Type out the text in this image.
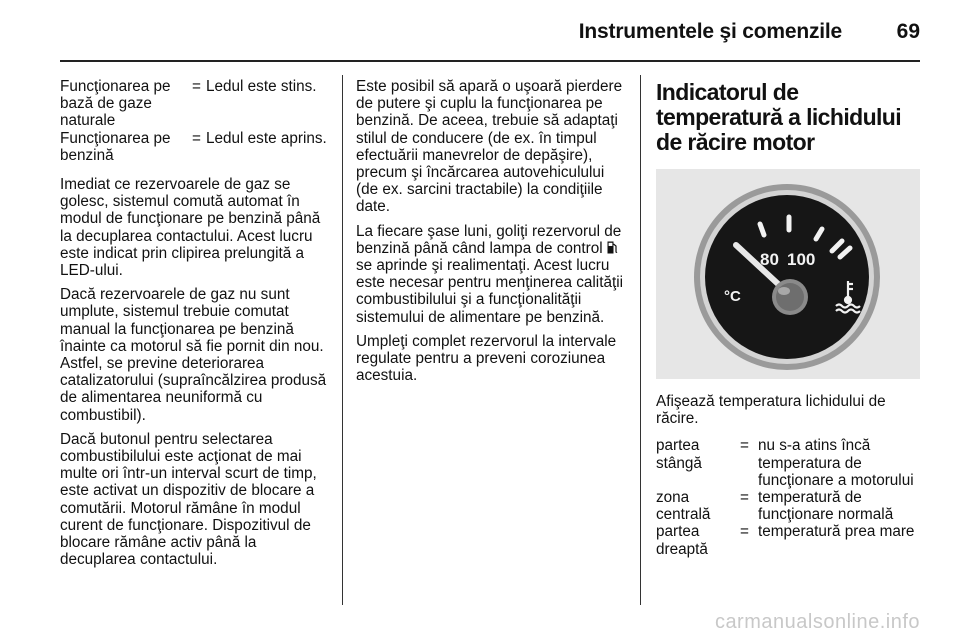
Instrumentele şi comenzile	69
Funcţionarea pe bază de gaze naturale
= Ledul este stins.
Funcţionarea pe benzină
= Ledul este aprins.

Imediat ce rezervoarele de gaz se golesc, sistemul comută automat în modul de funcţionare pe benzină până la decuplarea contactului. Acest lucru este indicat prin clipirea prelungită a LED-ului.

Dacă rezervoarele de gaz nu sunt umplute, sistemul trebuie comutat manual la funcţionarea pe benzină înainte ca motorul să fie pornit din nou. Astfel, se previne deteriorarea catalizatorului (supraîncălzirea produsă de alimentarea neuniformă cu combustibil).

Dacă butonul pentru selectarea combustibilului este acţionat de mai multe ori într-un interval scurt de timp, este activat un dispozitiv de blocare a comutării. Motorul rămâne în modul curent de funcţionare. Dispozitivul de blocare rămâne activ până la decuplarea contactului.

Este posibil să apară o uşoară pierdere de putere şi cuplu la funcţionarea pe benzină. De aceea, trebuie să adaptaţi stilul de conducere (de ex. în timpul efectuării manevrelor de depăşire), precum şi încărcarea autovehiculului (de ex. sarcini tractabile) la condiţiile date.

La fiecare şase luni, goliţi rezervorul de benzină până când lampa de control  se aprinde şi realimentaţi. Acest lucru este necesar pentru menţinerea calităţii combustibilului şi a funcţionalităţii sistemului de alimentare pe benzină.

Umpleţi complet rezervorul la intervale regulate pentru a preveni coroziunea acestuia.

Indicatorul de temperatură a lichidului de răcire motor
80 100
°C

Afişează temperatura lichidului de răcire.

partea stângă
= nu s-a atins încă temperatura de funcţionare a motorului
zona centrală
= temperatură de funcţionare normală
partea dreaptă
= temperatură prea mare
carmanualsonline.info
